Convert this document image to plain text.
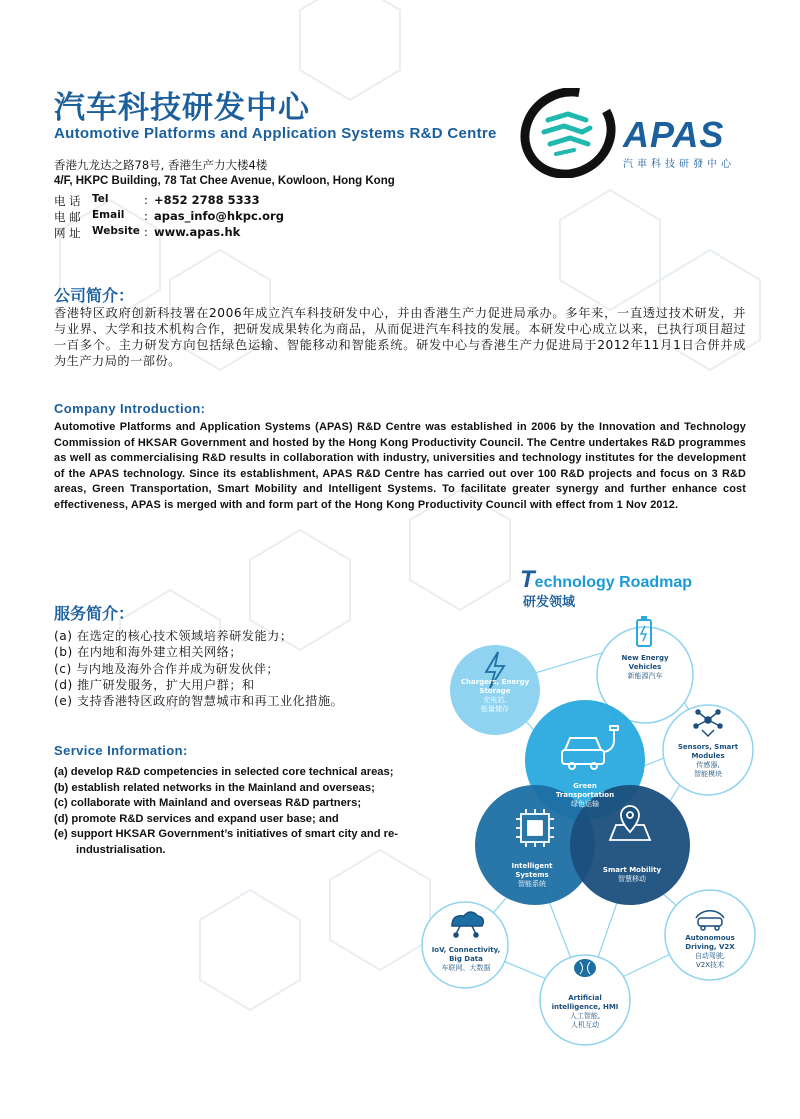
汽车科技研发中心
Automotive Platforms and Application Systems R&D Centre
香港九龙达之路78号, 香港生产力大楼4楼
4/F, HKPC Building, 78 Tat Chee Avenue, Kowloon, Hong Kong
电 话	Tel	: +852 2788 5333
电 邮	Email	: apas_info@hkpc.org
网 址	Website : www.apas.hk
APAS
汽車科技研發中心
公司简介：
香港特区政府创新科技署在2006年成立汽车科技研发中心，并由香港生产力促进局承办。多年来，一直透过技术研发，并与业界、大学和技术机构合作，把研发成果转化为商品，从而促进汽车科技的发展。本研发中心成立以来，已执行项目超过一百多个。主力研发方向包括绿色运输、智能移动和智能系统。研发中心与香港生产力促进局于2012年11月1日合併并成为生产力局的一部份。
Company Introduction:
Automotive Platforms and Application Systems (APAS) R&D Centre was established in 2006 by the Innovation and Technology Commission of HKSAR Government and hosted by the Hong Kong Productivity Council. The Centre undertakes R&D programmes as well as commercialising R&D results in collaboration with industry, universities and technology institutes for the development of the APAS technology. Since its establishment, APAS R&D Centre has carried out over 100 R&D projects and focus on 3 R&D areas, Green Transportation, Smart Mobility and Intelligent Systems. To facilitate greater synergy and further enhance cost effectiveness, APAS is merged with and form part of the Hong Kong Productivity Council with effect from 1 Nov 2012.
服务简介：
(a) 在选定的核心技术领域培养研发能力；
(b) 在内地和海外建立相关网络；
(c) 与内地及海外合作并成为研发伙伴；
(d) 推广研发服务，扩大用户群；和
(e) 支持香港特区政府的智慧城市和再工业化措施。
Service Information:
(a) develop R&D competencies in selected core technical areas;
(b) establish related networks in the Mainland and overseas;
(c) collaborate with Mainland and overseas R&D partners;
(d) promote R&D services and expand user base; and
(e) support HKSAR Government’s initiatives of smart city and re-industrialisation.
Technology Roadmap
研发领域
New Energy Vehicles
新能源汽车
Chargers, Energy Storage
充电站,
能量储存
Sensors, Smart Modules
传感器,
智能模块
Autonomous Driving, V2X
自动驾驶,
V2X技术
IoV, Connectivity, Big Data
车联网、大数据
Artificial intelligence, HMI
人工智能,
人机互动
Green Transportation
绿色运输
Intelligent Systems
智能系统
Smart Mobility
智慧移动
